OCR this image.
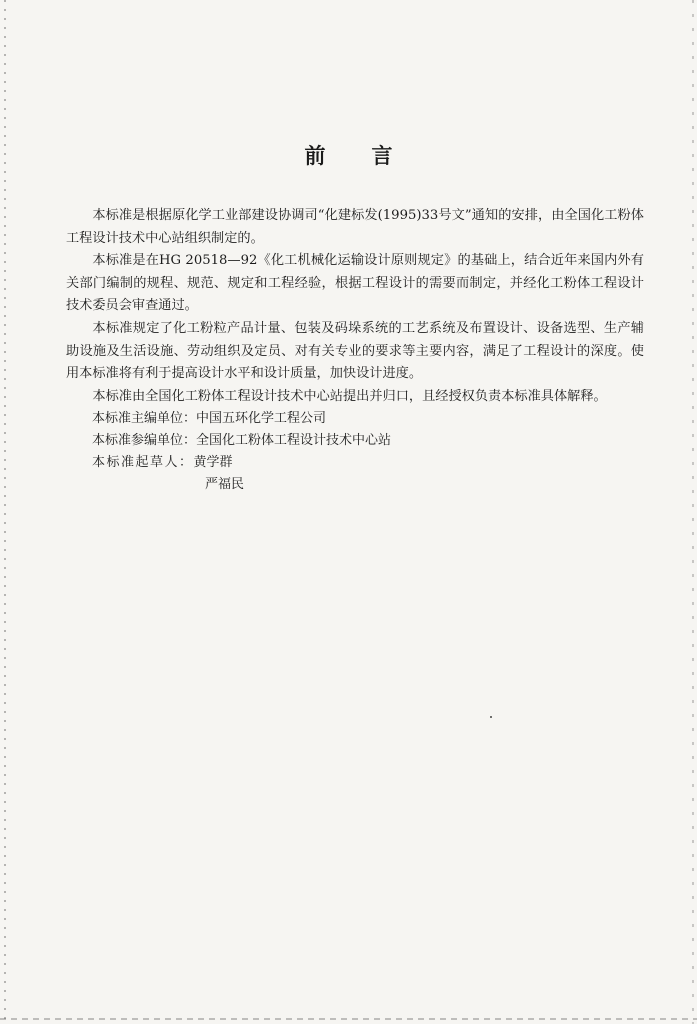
前 言

本标准是根据原化学工业部建设协调司“化建标发(1995)33号文”通知的安排，由全国化工粉体工程设计技术中心站组织制定的。

本标准是在HG 20518—92《化工机械化运输设计原则规定》的基础上，结合近年来国内外有关部门编制的规程、规范、规定和工程经验，根据工程设计的需要而制定，并经化工粉体工程设计技术委员会审查通过。

本标准规定了化工粉粒产品计量、包装及码垛系统的工艺系统及布置设计、设备选型、生产辅助设施及生活设施、劳动组织及定员、对有关专业的要求等主要内容，满足了工程设计的深度。使用本标准将有利于提高设计水平和设计质量，加快设计进度。

本标准由全国化工粉体工程设计技术中心站提出并归口，且经授权负责本标准具体解释。

本标准主编单位：中国五环化学工程公司
本标准参编单位：全国化工粉体工程设计技术中心站
本标准起草人：黄学群
严福民
